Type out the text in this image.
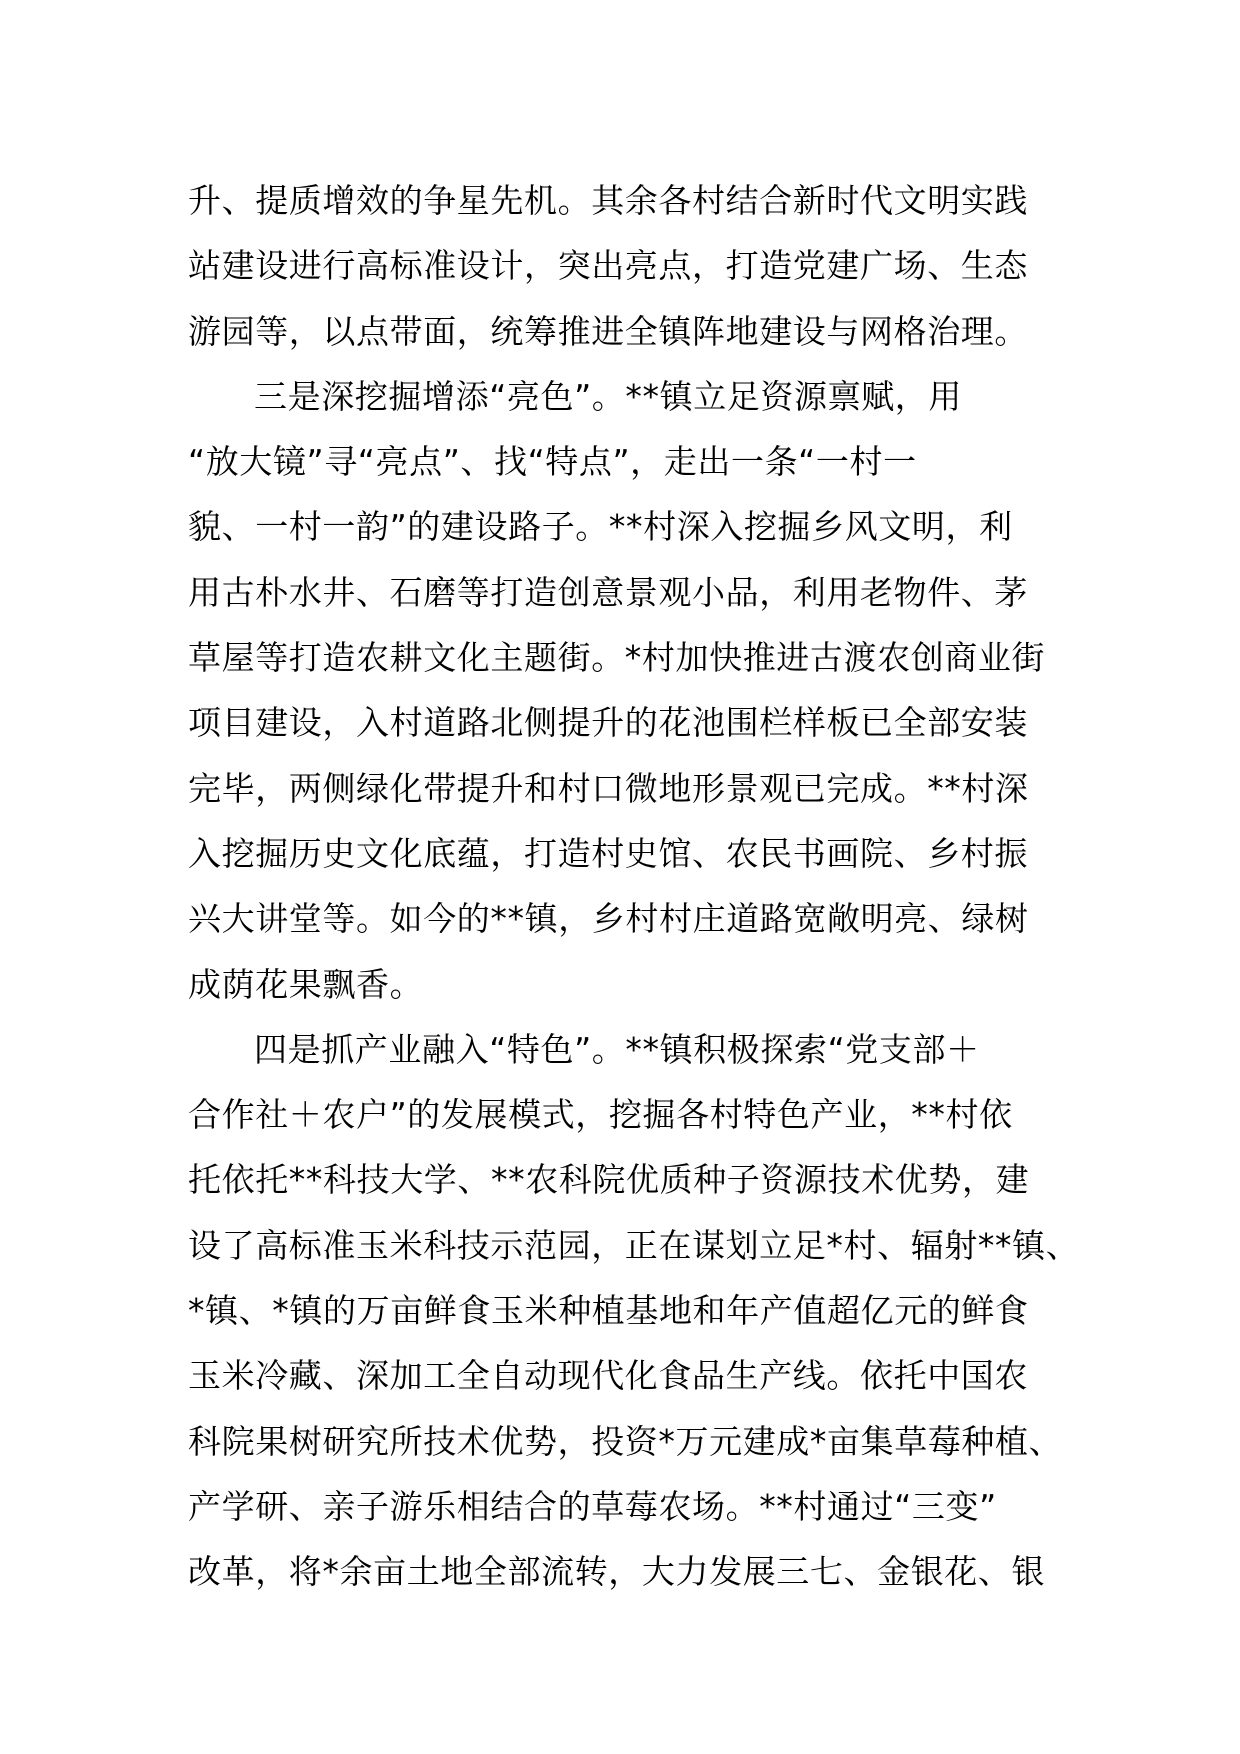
升、提质增效的争星先机。其余各村结合新时代文明实践
站建设进行高标准设计，突出亮点，打造党建广场、生态
游园等，以点带面，统筹推进全镇阵地建设与网格治理。
三是深挖掘增添“亮色”。**镇立足资源禀赋，用
“放大镜”寻“亮点”、找“特点”，走出一条“一村一
貌、一村一韵”的建设路子。**村深入挖掘乡风文明，利
用古朴水井、石磨等打造创意景观小品，利用老物件、茅
草屋等打造农耕文化主题街。*村加快推进古渡农创商业街
项目建设，入村道路北侧提升的花池围栏样板已全部安装
完毕，两侧绿化带提升和村口微地形景观已完成。**村深
入挖掘历史文化底蕴，打造村史馆、农民书画院、乡村振
兴大讲堂等。如今的**镇，乡村村庄道路宽敞明亮、绿树
成荫花果飘香。
四是抓产业融入“特色”。**镇积极探索“党支部＋
合作社＋农户”的发展模式，挖掘各村特色产业，**村依
托依托**科技大学、**农科院优质种子资源技术优势，建
设了高标准玉米科技示范园，正在谋划立足*村、辐射**镇、
*镇、*镇的万亩鲜食玉米种植基地和年产值超亿元的鲜食
玉米冷藏、深加工全自动现代化食品生产线。依托中国农
科院果树研究所技术优势，投资*万元建成*亩集草莓种植、
产学研、亲子游乐相结合的草莓农场。**村通过“三变”
改革，将*余亩土地全部流转，大力发展三七、金银花、银
